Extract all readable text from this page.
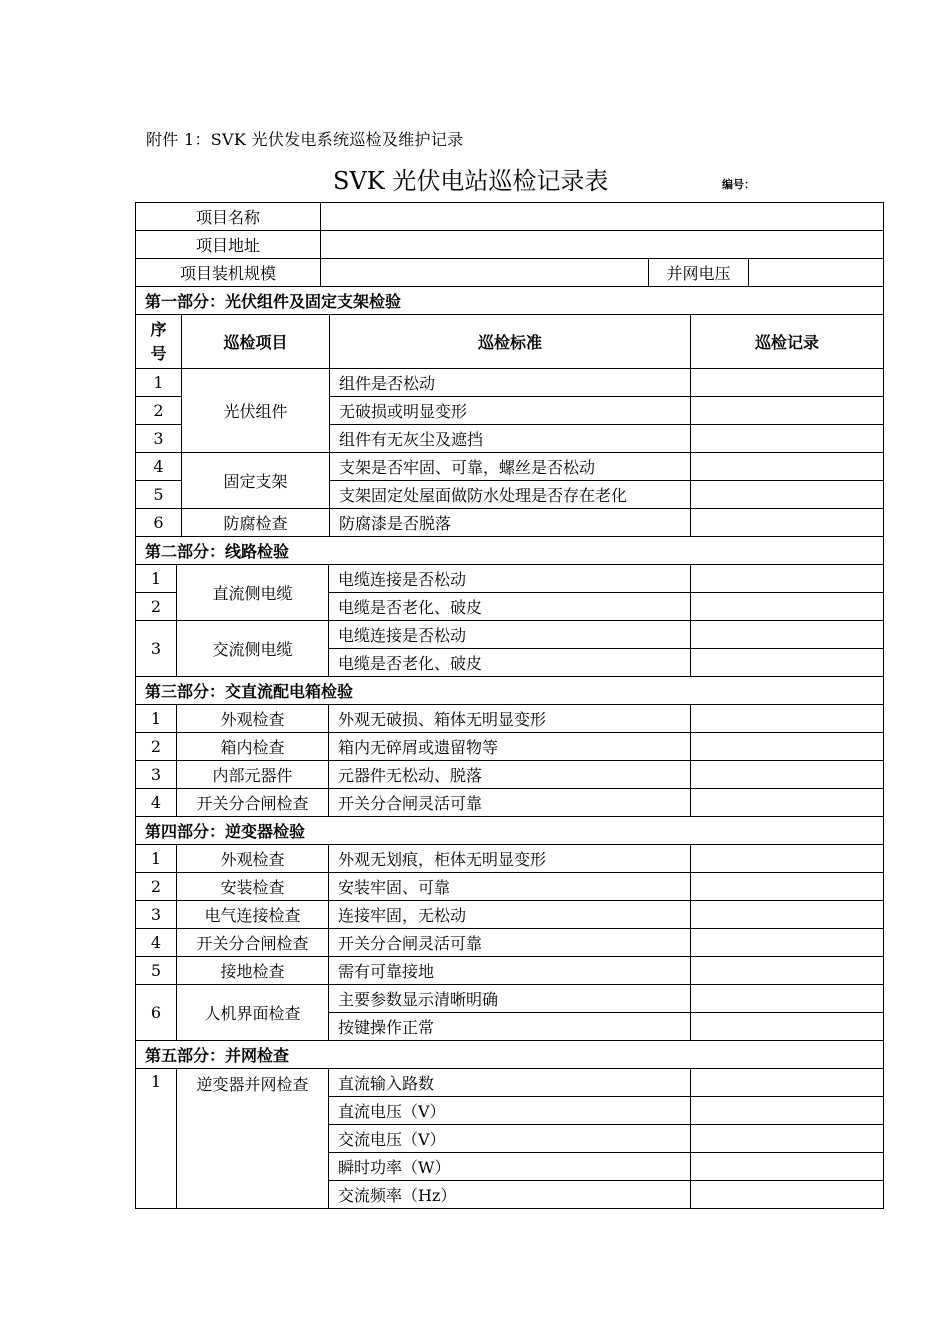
附件 1：SVK 光伏发电系统巡检及维护记录
SVK 光伏电站巡检记录表	编号：
项目名称			
项目地址			
项目装机规模		并网电压	
第一部分：光伏组件及固定支架检验			
序
号	巡检项目	巡检标准	巡检记录
1	光伏组件	组件是否松动	
2		无破损或明显变形	
3		组件有无灰尘及遮挡	
4	固定支架	支架是否牢固、可靠，螺丝是否松动	
5		支架固定处屋面做防水处理是否存在老化	
6	防腐检查	防腐漆是否脱落	
第二部分：线路检验			
1	直流侧电缆	电缆连接是否松动	
2		电缆是否老化、破皮	
3	交流侧电缆	电缆连接是否松动	
		电缆是否老化、破皮	
第三部分：交直流配电箱检验			
1	外观检查	外观无破损、箱体无明显变形	
2	箱内检查	箱内无碎屑或遗留物等	
3	内部元器件	元器件无松动、脱落	
4	开关分合闸检查	开关分合闸灵活可靠	
第四部分：逆变器检验			
1	外观检查	外观无划痕，柜体无明显变形	
2	安装检查	安装牢固、可靠	
3	电气连接检查	连接牢固，无松动	
4	开关分合闸检查	开关分合闸灵活可靠	
5	接地检查	需有可靠接地	
6	人机界面检查	主要参数显示清晰明确	
		按键操作正常	
第五部分：并网检查			
1	逆变器并网检查	直流输入路数	
		直流电压（V）	
		交流电压（V）	
		瞬时功率（W）	
		交流频率（Hz）	
